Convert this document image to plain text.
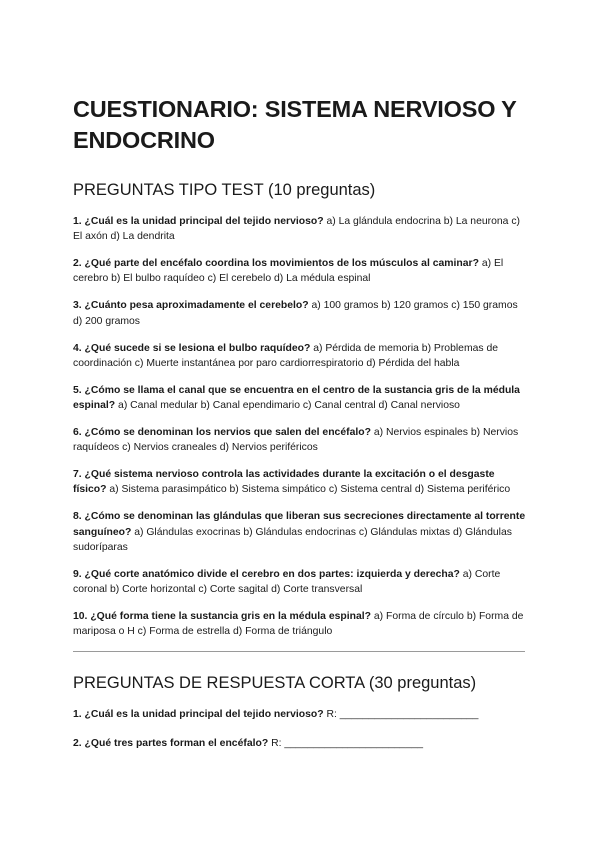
CUESTIONARIO: SISTEMA NERVIOSO Y ENDOCRINO
PREGUNTAS TIPO TEST (10 preguntas)

1. ¿Cuál es la unidad principal del tejido nervioso? a) La glándula endocrina b) La neurona c) El axón d) La dendrita

2. ¿Qué parte del encéfalo coordina los movimientos de los músculos al caminar? a) El cerebro b) El bulbo raquídeo c) El cerebelo d) La médula espinal

3. ¿Cuánto pesa aproximadamente el cerebelo? a) 100 gramos b) 120 gramos c) 150 gramos d) 200 gramos

4. ¿Qué sucede si se lesiona el bulbo raquídeo? a) Pérdida de memoria b) Problemas de coordinación c) Muerte instantánea por paro cardiorrespiratorio d) Pérdida del habla

5. ¿Cómo se llama el canal que se encuentra en el centro de la sustancia gris de la médula espinal? a) Canal medular b) Canal ependimario c) Canal central d) Canal nervioso

6. ¿Cómo se denominan los nervios que salen del encéfalo? a) Nervios espinales b) Nervios raquídeos c) Nervios craneales d) Nervios periféricos

7. ¿Qué sistema nervioso controla las actividades durante la excitación o el desgaste físico? a) Sistema parasimpático b) Sistema simpático c) Sistema central d) Sistema periférico

8. ¿Cómo se denominan las glándulas que liberan sus secreciones directamente al torrente sanguíneo? a) Glándulas exocrinas b) Glándulas endocrinas c) Glándulas mixtas d) Glándulas sudoríparas

9. ¿Qué corte anatómico divide el cerebro en dos partes: izquierda y derecha? a) Corte coronal b) Corte horizontal c) Corte sagital d) Corte transversal

10. ¿Qué forma tiene la sustancia gris en la médula espinal? a) Forma de círculo b) Forma de mariposa o H c) Forma de estrella d) Forma de triángulo

PREGUNTAS DE RESPUESTA CORTA (30 preguntas)

1. ¿Cuál es la unidad principal del tejido nervioso? R: ________________________

2. ¿Qué tres partes forman el encéfalo? R: ________________________
